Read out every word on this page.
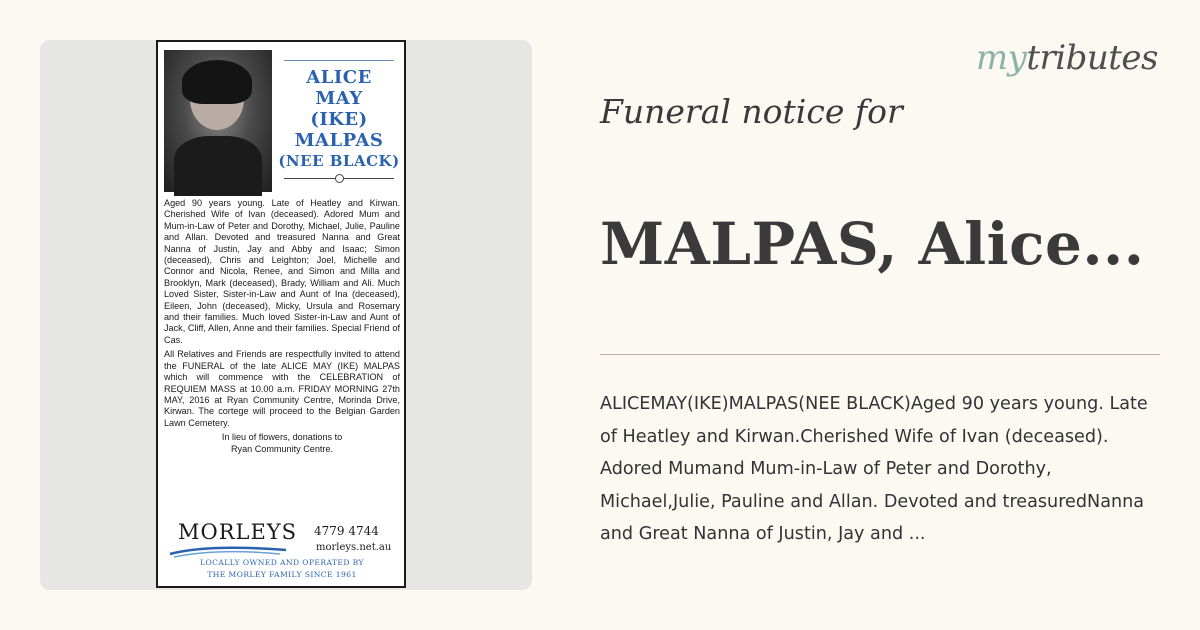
ALICE
MAY
(IKE)
MALPAS
(NEE BLACK)

Aged 90 years young. Late of Heatley and Kirwan. Cherished Wife of Ivan (deceased). Adored Mum and Mum-in-Law of Peter and Dorothy, Michael, Julie, Pauline and Allan. Devoted and treasured Nanna and Great Nanna of Justin, Jay and Abby and Isaac; Simon (deceased), Chris and Leighton; Joel, Michelle and Connor and Nicola, Renee, and Simon and Milla and Brooklyn, Mark (deceased), Brady, William and Ali. Much Loved Sister, Sister-in-Law and Aunt of Ina (deceased), Eileen, John (deceased), Micky, Ursula and Rosemary and their families. Much loved Sister-in-Law and Aunt of Jack, Cliff, Allen, Anne and their families. Special Friend of Cas.

All Relatives and Friends are respectfully invited to attend the FUNERAL of the late ALICE MAY (IKE) MALPAS which will commence with the CELEBRATION of REQUIEM MASS at 10.00 a.m. FRIDAY MORNING 27th MAY, 2016 at Ryan Community Centre, Morinda Drive, Kirwan. The cortege will proceed to the Belgian Garden Lawn Cemetery.

In lieu of flowers, donations to

Ryan Community Centre.

MORLEYS 4779 4744
morleys.net.au
LOCALLY OWNED AND OPERATED BY
THE MORLEY FAMILY SINCE 1961
mytributes
Funeral notice for
MALPAS, Alice...
ALICEMAY(IKE)MALPAS(NEE BLACK)Aged 90 years young. Late of Heatley and Kirwan.Cherished Wife of Ivan (deceased). Adored Mumand Mum-in-Law of Peter and Dorothy, Michael,Julie, Pauline and Allan. Devoted and treasuredNanna and Great Nanna of Justin, Jay and ...
